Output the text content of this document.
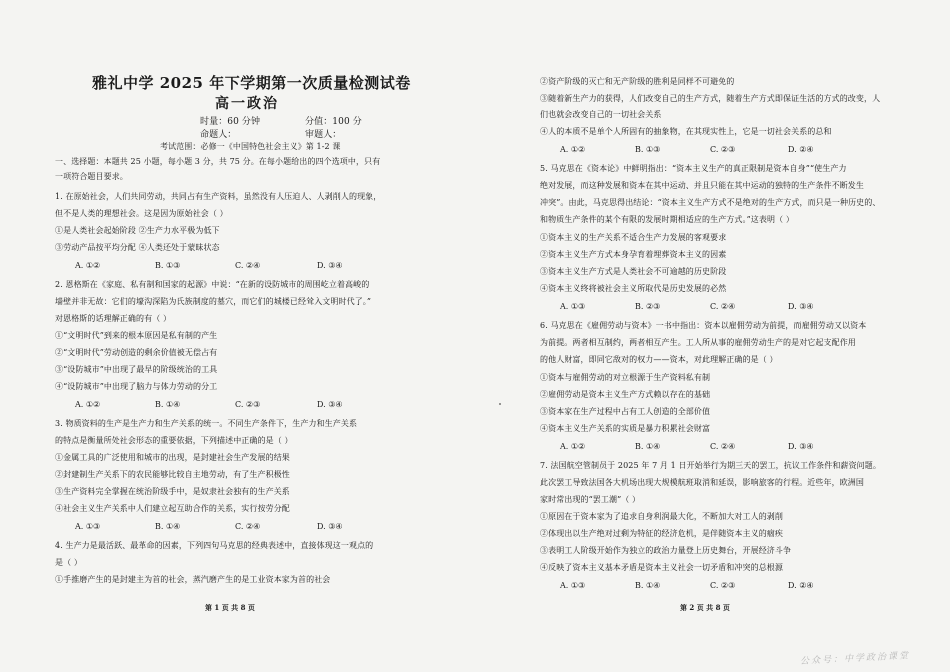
雅礼中学 2025 年下学期第一次质量检测试卷
高一政治
时量：60 分钟	分值：100 分
命题人：	审题人：
考试范围：必修一《中国特色社会主义》第 1-2 课
一、选择题：本题共 25 小题，每小题 3 分，共 75 分。在每小题给出的四个选项中，只有
一项符合题目要求。
1. 在原始社会，人们共同劳动，共同占有生产资料，虽然没有人压迫人、人剥削人的现象，
但不是人类的理想社会。这是因为原始社会（ ）
①是人类社会起始阶段 ②生产力水平极为低下
③劳动产品按平均分配 ④人类还处于蒙昧状态
A. ①②	B. ①③	C. ②④	D. ③④
2. 恩格斯在《家庭、私有制和国家的起源》中说：“在新的设防城市的周围屹立着高峻的
墙壁并非无故：它们的壕沟深陷为氏族制度的墓穴，而它们的城楼已经耸入文明时代了。”
对恩格斯的话理解正确的有（ ）
①“文明时代”到来的根本原因是私有制的产生
②“文明时代”劳动创造的剩余价值被无偿占有
③“设防城市”中出现了最早的阶级统治的工具
④“设防城市”中出现了脑力与体力劳动的分工
A. ①②	B. ①④	C. ②③	D. ③④
3. 物质资料的生产是生产力和生产关系的统一。不同生产条件下，生产力和生产关系
的特点是衡量所处社会形态的重要依据，下列描述中正确的是（ ）
①金属工具的广泛使用和城市的出现，是封建社会生产发展的结果
②封建制生产关系下的农民能够比较自主地劳动，有了生产积极性
③生产资料完全掌握在统治阶级手中，是奴隶社会独有的生产关系
④社会主义生产关系中人们建立起互助合作的关系，实行按劳分配
A. ①③	B. ①④	C. ②④	D. ③④
4. 生产力是最活跃、最革命的因素，下列四句马克思的经典表述中，直接体现这一观点的
是（ ）
①手推磨产生的是封建主为首的社会，蒸汽磨产生的是工业资本家为首的社会
第 1 页 共 8 页
②资产阶级的灭亡和无产阶级的胜利是同样不可避免的
③随着新生产力的获得，人们改变自己的生产方式，随着生产方式即保证生活的方式的改变，人
们也就会改变自己的一切社会关系
④人的本质不是单个人所固有的抽象物，在其现实性上，它是一切社会关系的总和
A. ①②	B. ①③	C. ②③	D. ②④
5. 马克思在《资本论》中鲜明指出：“资本主义生产的真正限制是资本自身”“使生产力
绝对发展，而这种发展和资本在其中运动、并且只能在其中运动的独特的生产条件不断发生
冲突”。由此，马克思得出结论：“资本主义生产方式不是绝对的生产方式，而只是一种历史的、
和物质生产条件的某个有限的发展时期相适应的生产方式。”这表明（ ）
①资本主义的生产关系不适合生产力发展的客观要求
②资本主义生产方式本身孕育着埋葬资本主义的因素
③资本主义生产方式是人类社会不可逾越的历史阶段
④资本主义终将被社会主义所取代是历史发展的必然
A. ①③	B. ②③	C. ②④	D. ③④
6. 马克思在《雇佣劳动与资本》一书中指出：资本以雇佣劳动为前提，而雇佣劳动又以资本
为前提。两者相互制约，两者相互产生。工人所从事的雇佣劳动生产的是对它起支配作用
的他人财富，即同它敌对的权力——资本，对此理解正确的是（ ）
①资本与雇佣劳动的对立根源于生产资料私有制
②雇佣劳动是资本主义生产方式赖以存在的基础
③资本家在生产过程中占有工人创造的全部价值
④资本主义生产关系的实质是暴力积累社会财富
A. ①②	B. ①④	C. ②④	D. ③④
7. 法国航空管制员于 2025 年 7 月 1 日开始举行为期三天的罢工，抗议工作条件和薪资问题。
此次罢工导致法国各大机场出现大规模航班取消和延误，影响旅客的行程。近些年，欧洲国
家时常出现的“罢工潮”（ ）
①原因在于资本家为了追求自身利润最大化，不断加大对工人的剥削
②体现出以生产绝对过剩为特征的经济危机，是伴随资本主义的痼疾
③表明工人阶级开始作为独立的政治力量登上历史舞台，开展经济斗争
④反映了资本主义基本矛盾是资本主义社会一切矛盾和冲突的总根源
A. ①③	B. ①④	C. ②③	D. ②④
第 2 页 共 8 页
公众号：中学政治课堂
